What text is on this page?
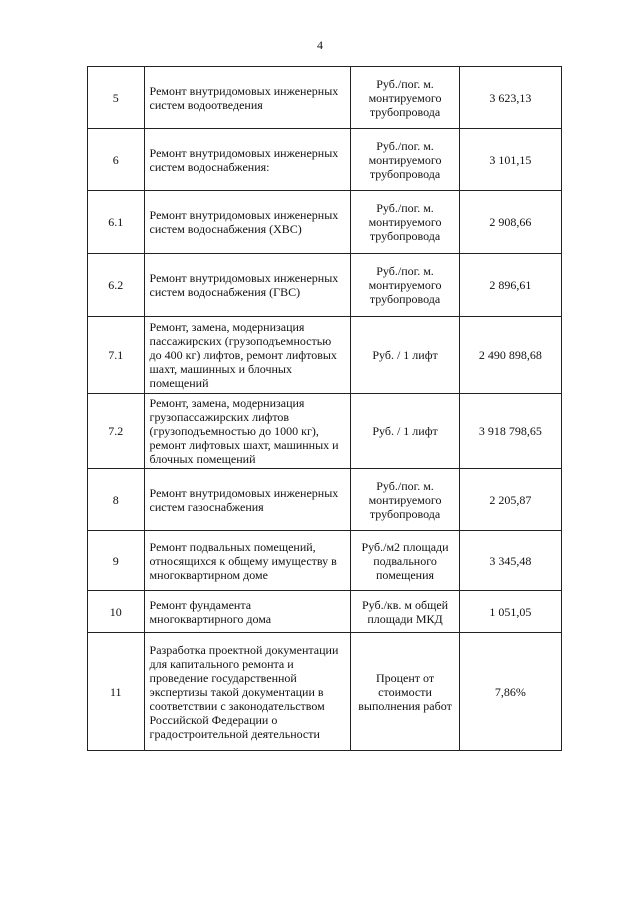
4
5	Ремонт внутридомовых инженерных систем водоотведения	Руб./пог. м. монтируемого трубопровода	3 623,13
6	Ремонт внутридомовых инженерных систем водоснабжения:	Руб./пог. м. монтируемого трубопровода	3 101,15
6.1	Ремонт внутридомовых инженерных систем водоснабжения (ХВС)	Руб./пог. м. монтируемого трубопровода	2 908,66
6.2	Ремонт внутридомовых инженерных систем водоснабжения (ГВС)	Руб./пог. м. монтируемого трубопровода	2 896,61
7.1	Ремонт, замена, модернизация пассажирских (грузоподъемностью до 400 кг) лифтов, ремонт лифтовых шахт, машинных и блочных помещений	Руб. / 1 лифт	2 490 898,68
7.2	Ремонт, замена, модернизация грузопассажирских лифтов (грузоподъемностью до 1000 кг), ремонт лифтовых шахт, машинных и блочных помещений	Руб. / 1 лифт	3 918 798,65
8	Ремонт внутридомовых инженерных систем газоснабжения	Руб./пог. м. монтируемого трубопровода	2 205,87
9	Ремонт подвальных помещений, относящихся к общему имуществу в многоквартирном доме	Руб./м2 площади подвального помещения	3 345,48
10	Ремонт фундамента многоквартирного дома	Руб./кв. м общей площади МКД	1 051,05
11	Разработка проектной документации для капитального ремонта и проведение государственной экспертизы такой документации в соответствии с законодательством Российской Федерации о градостроительной деятельности	Процент от стоимости выполнения работ	7,86%
